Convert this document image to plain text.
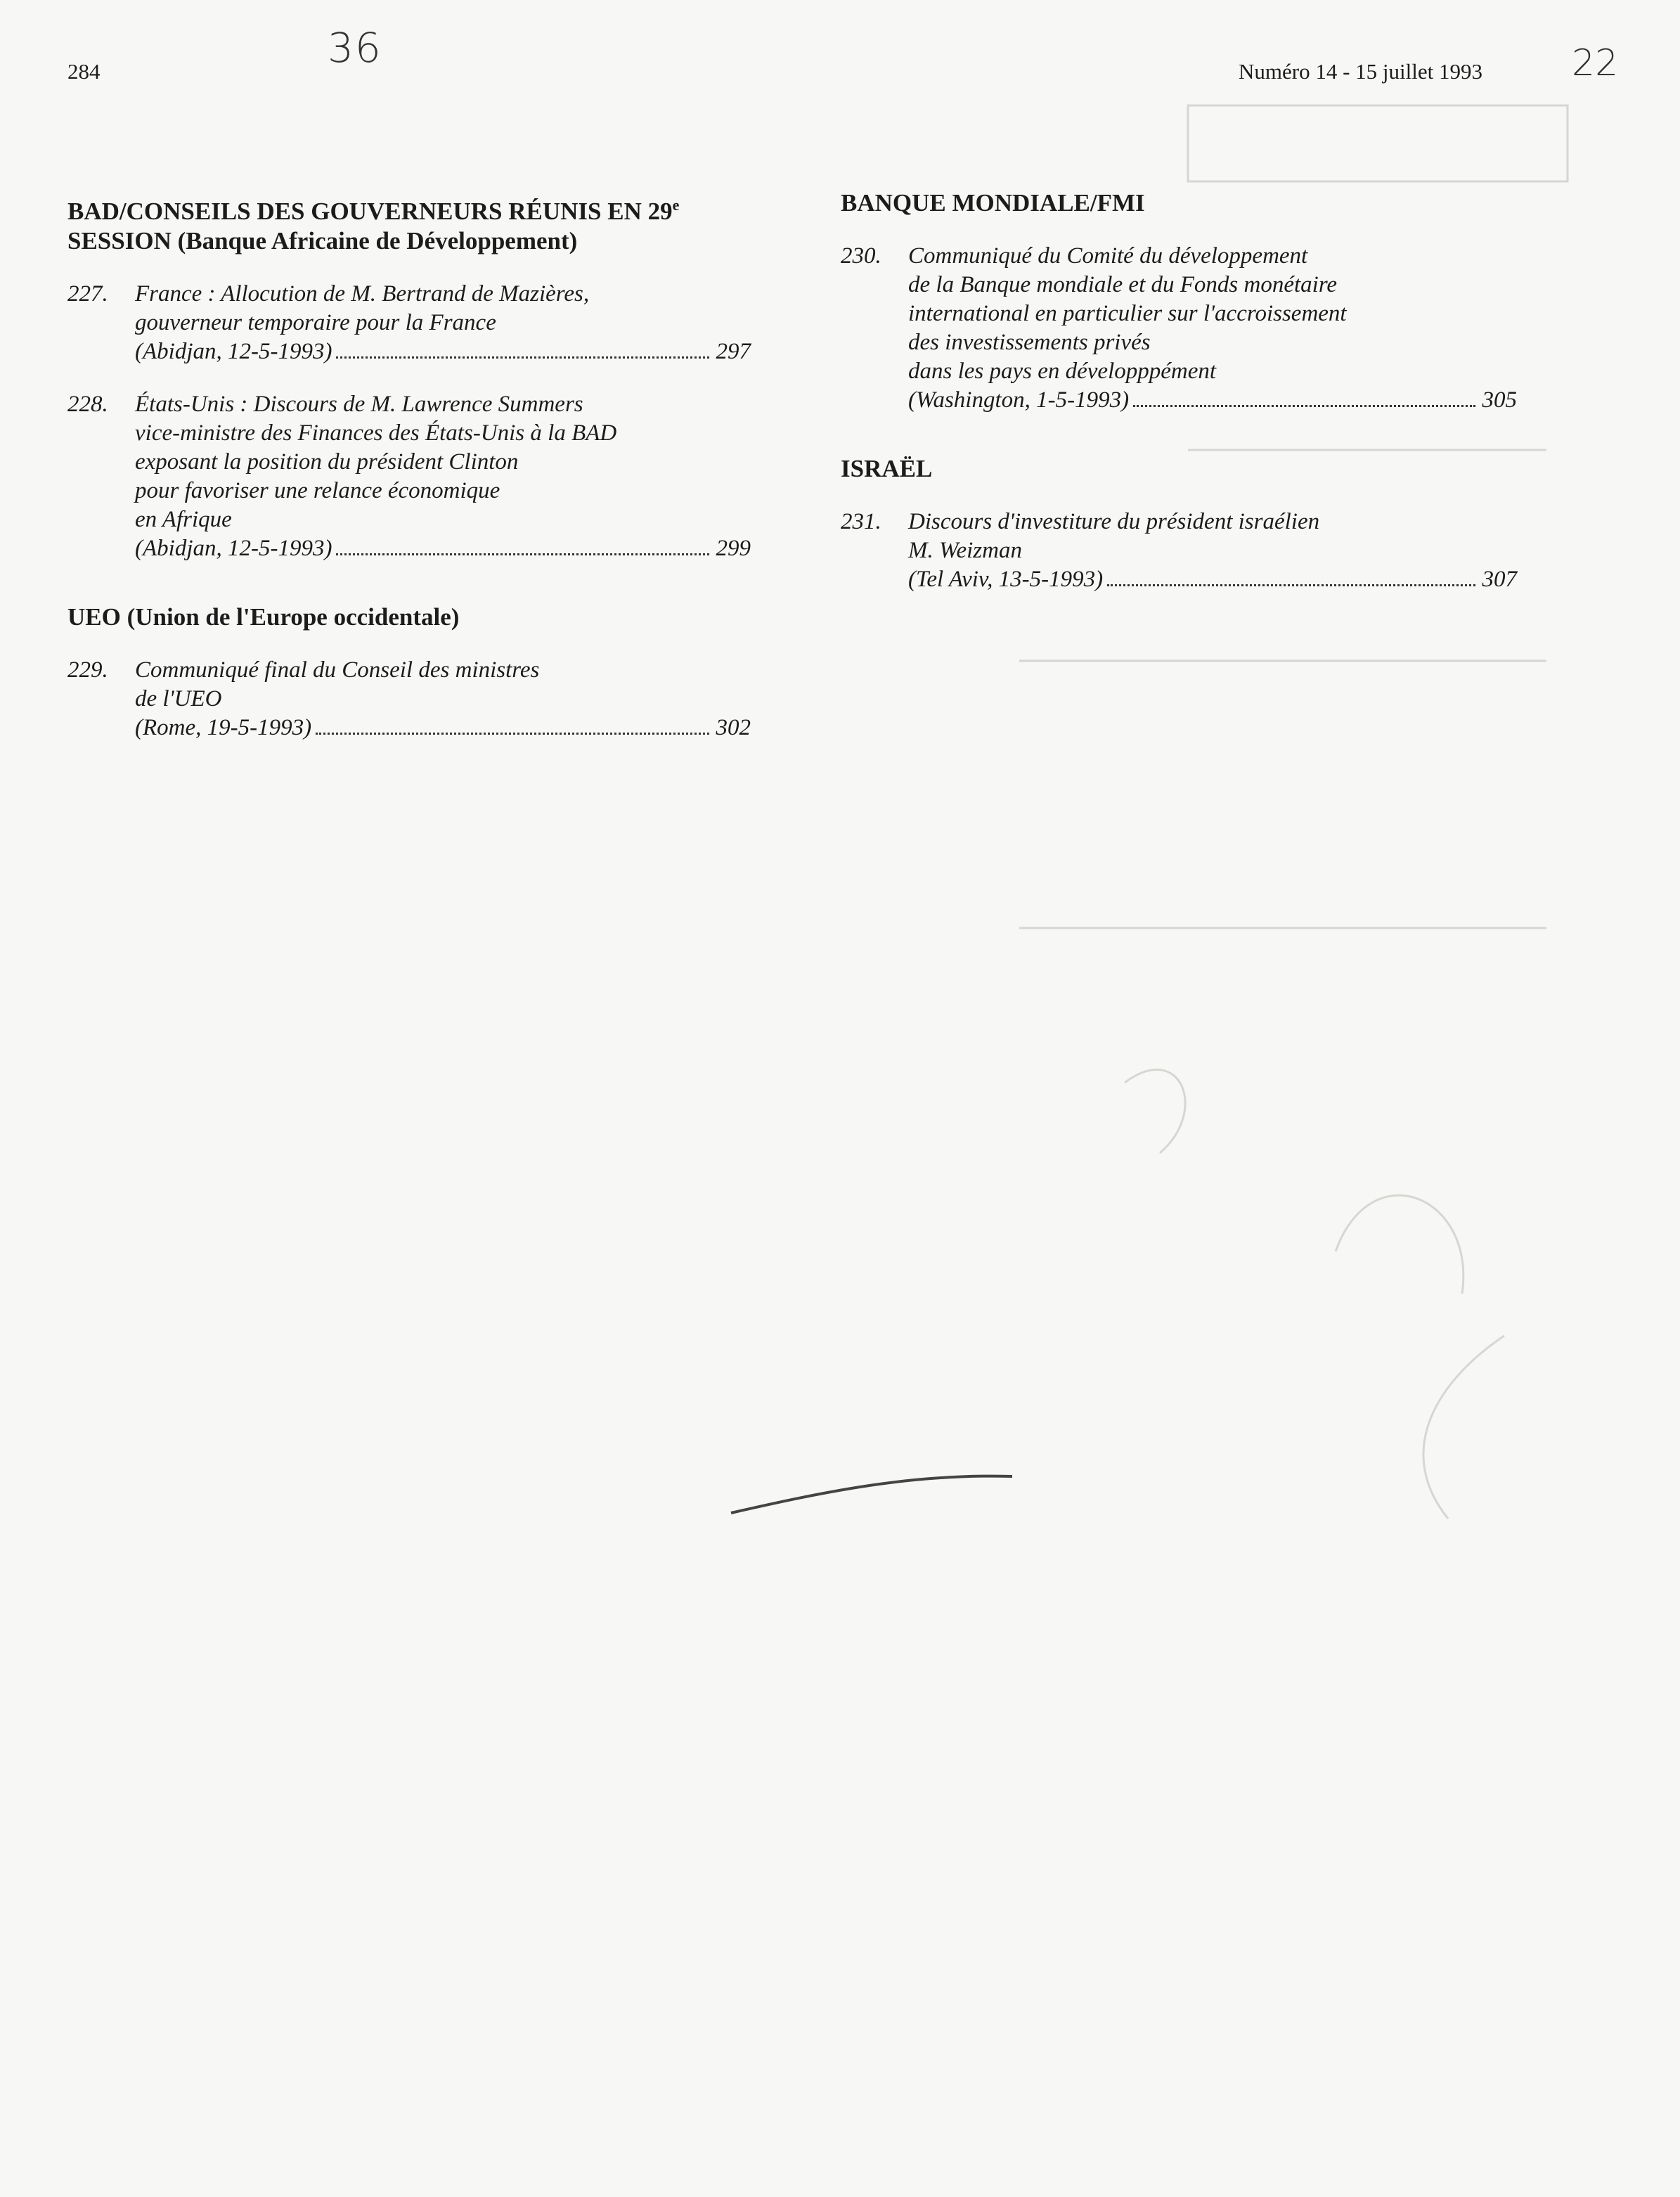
284	Numéro 14 - 15 juillet 1993
36	22
BAD/CONSEILS DES GOUVERNEURS RÉUNIS EN 29e
SESSION (Banque Africaine de Développement)
227. France : Allocution de M. Bertrand de Mazières,
gouverneur temporaire pour la France
(Abidjan, 12-5-1993)	297
228. États-Unis : Discours de M. Lawrence Summers
vice-ministre des Finances des États-Unis à la BAD
exposant la position du président Clinton
pour favoriser une relance économique
en Afrique
(Abidjan, 12-5-1993)	299
UEO (Union de l'Europe occidentale)
229. Communiqué final du Conseil des ministres
de l'UEO
(Rome, 19-5-1993)	302
BANQUE MONDIALE/FMI
230. Communiqué du Comité du développement
de la Banque mondiale et du Fonds monétaire
international en particulier sur l'accroissement
des investissements privés
dans les pays en développpément
(Washington, 1-5-1993)	305
ISRAËL
231. Discours d'investiture du président israélien
M. Weizman
(Tel Aviv, 13-5-1993)	307
